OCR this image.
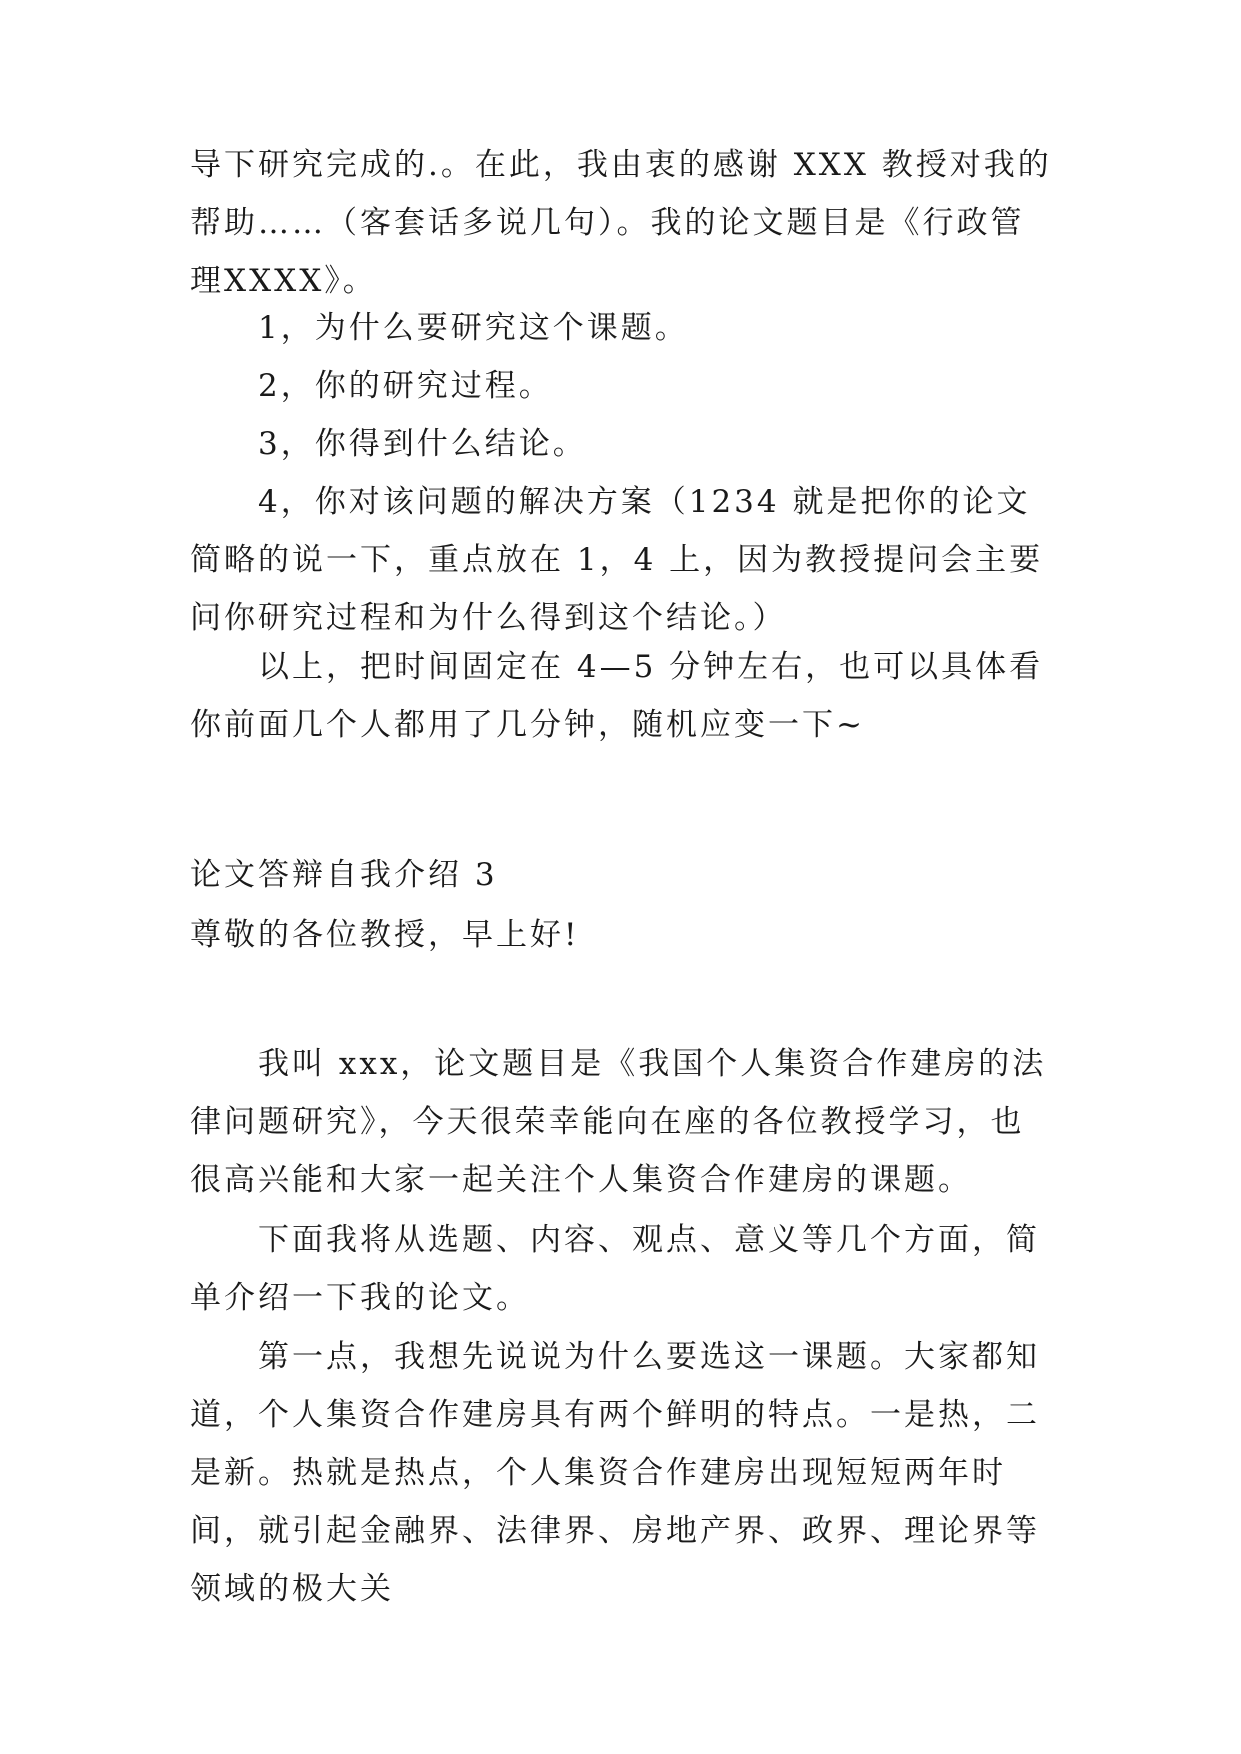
导下研究完成的.。在此，我由衷的感谢 XXX 教授对我的帮助……（客套话多说几句）。我的论文题目是《行政管理XXXX》。

1，为什么要研究这个课题。

2，你的研究过程。

3，你得到什么结论。

4，你对该问题的解决方案（1234 就是把你的论文简略的说一下，重点放在 1，4 上，因为教授提问会主要问你研究过程和为什么得到这个结论。）

以上，把时间固定在 4—5 分钟左右，也可以具体看你前面几个人都用了几分钟，随机应变一下~

论文答辩自我介绍 3

尊敬的各位教授，早上好!

我叫 xxx，论文题目是《我国个人集资合作建房的法律问题研究》，今天很荣幸能向在座的各位教授学习，也很高兴能和大家一起关注个人集资合作建房的课题。

下面我将从选题、内容、观点、意义等几个方面，简单介绍一下我的论文。

第一点，我想先说说为什么要选这一课题。大家都知道，个人集资合作建房具有两个鲜明的特点。一是热，二是新。热就是热点，个人集资合作建房出现短短两年时间，就引起金融界、法律界、房地产界、政界、理论界等领域的极大关
